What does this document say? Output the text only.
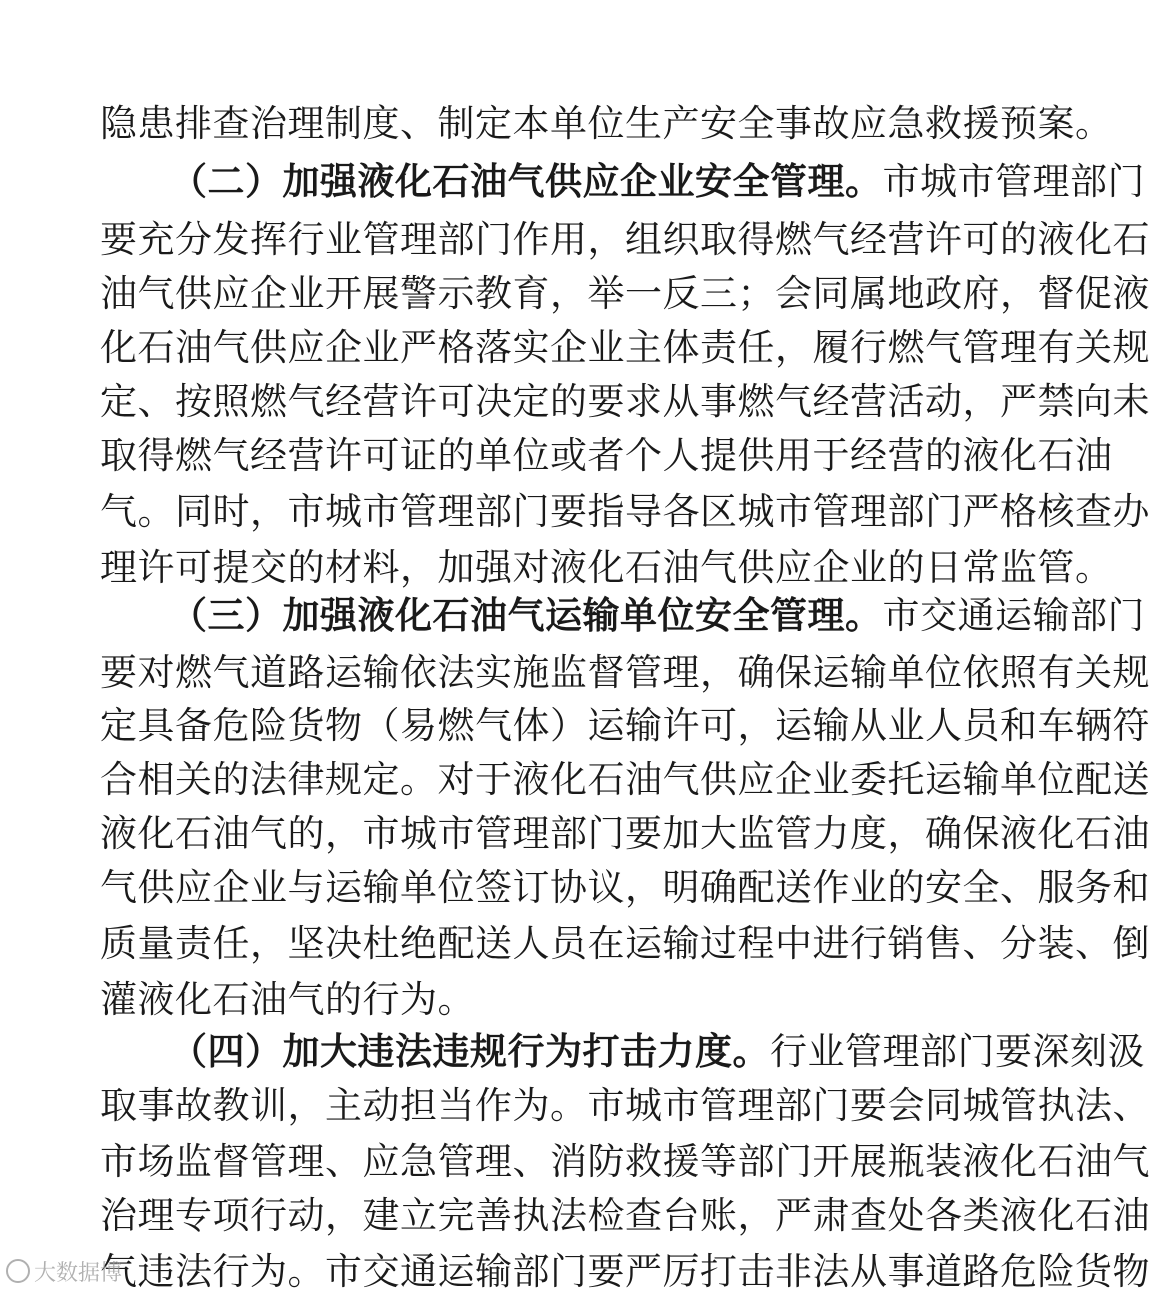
隐患排查治理制度、制定本单位生产安全事故应急救援预案。
（二）加强液化石油气供应企业安全管理。市城市管理部门
要充分发挥行业管理部门作用，组织取得燃气经营许可的液化石
油气供应企业开展警示教育，举一反三；会同属地政府，督促液
化石油气供应企业严格落实企业主体责任，履行燃气管理有关规
定、按照燃气经营许可决定的要求从事燃气经营活动，严禁向未
取得燃气经营许可证的单位或者个人提供用于经营的液化石油
气。同时，市城市管理部门要指导各区城市管理部门严格核查办
理许可提交的材料，加强对液化石油气供应企业的日常监管。
（三）加强液化石油气运输单位安全管理。市交通运输部门
要对燃气道路运输依法实施监督管理，确保运输单位依照有关规
定具备危险货物（易燃气体）运输许可，运输从业人员和车辆符
合相关的法律规定。对于液化石油气供应企业委托运输单位配送
液化石油气的，市城市管理部门要加大监管力度，确保液化石油
气供应企业与运输单位签订协议，明确配送作业的安全、服务和
质量责任，坚决杜绝配送人员在运输过程中进行销售、分装、倒
灌液化石油气的行为。
（四）加大违法违规行为打击力度。行业管理部门要深刻汲
取事故教训，主动担当作为。市城市管理部门要会同城管执法、
市场监督管理、应急管理、消防救援等部门开展瓶装液化石油气
治理专项行动，建立完善执法检查台账，严肃查处各类液化石油
气违法行为。市交通运输部门要严厉打击非法从事道路危险货物
大数据博
